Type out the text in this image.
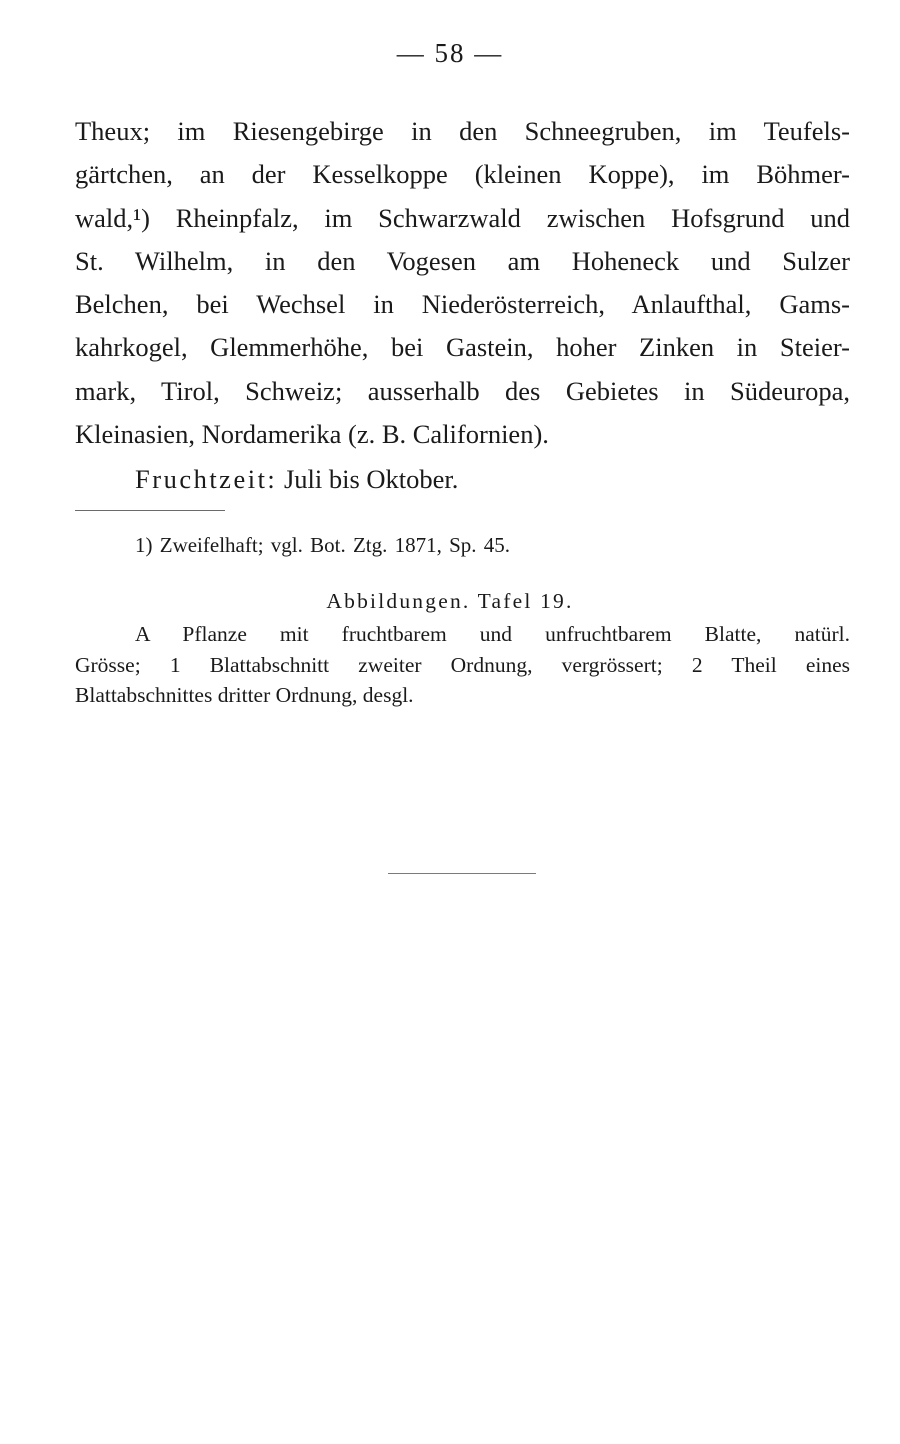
— 58 —
Theux; im Riesengebirge in den Schneegruben, im Teufels-
gärtchen, an der Kesselkoppe (kleinen Koppe), im Böhmer-
wald,¹) Rheinpfalz, im Schwarzwald zwischen Hofsgrund und
St. Wilhelm, in den Vogesen am Hoheneck und Sulzer
Belchen, bei Wechsel in Niederösterreich, Anlaufthal, Gams-
kahrkogel, Glemmerhöhe, bei Gastein, hoher Zinken in Steier-
mark, Tirol, Schweiz; ausserhalb des Gebietes in Südeuropa,
Kleinasien, Nordamerika (z. B. Californien).
Fruchtzeit: Juli bis Oktober.
1) Zweifelhaft; vgl. Bot. Ztg. 1871, Sp. 45.
Abbildungen. Tafel 19.
A Pflanze mit fruchtbarem und unfruchtbarem Blatte, natürl.
Grösse; 1 Blattabschnitt zweiter Ordnung, vergrössert; 2 Theil eines
Blattabschnittes dritter Ordnung, desgl.
